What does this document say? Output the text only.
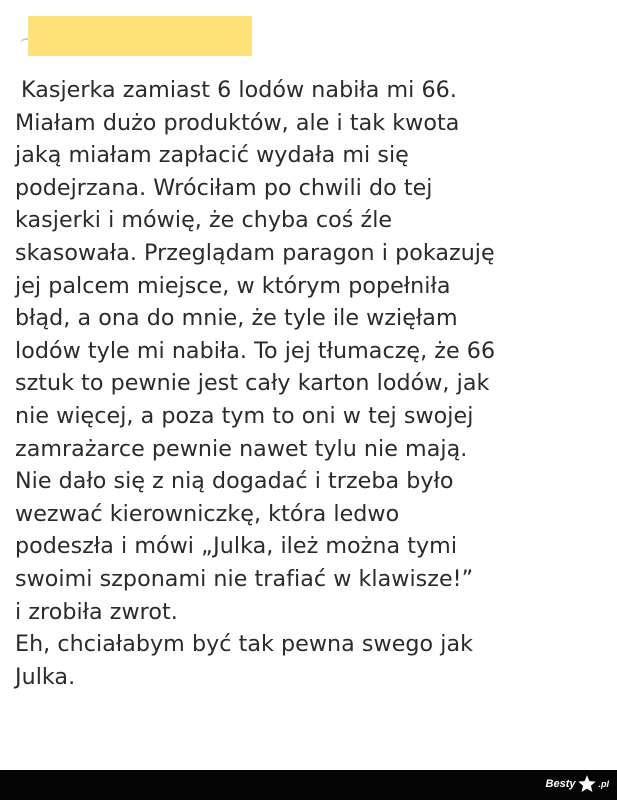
Kasjerka zamiast 6 lodów nabiła mi 66.
Miałam dużo produktów, ale i tak kwota
jaką miałam zapłacić wydała mi się
podejrzana. Wróciłam po chwili do tej
kasjerki i mówię, że chyba coś źle
skasowała. Przeglądam paragon i pokazuję
jej palcem miejsce, w którym popełniła
błąd, a ona do mnie, że tyle ile wzięłam
lodów tyle mi nabiła. To jej tłumaczę, że 66
sztuk to pewnie jest cały karton lodów, jak
nie więcej, a poza tym to oni w tej swojej
zamrażarce pewnie nawet tylu nie mają.
Nie dało się z nią dogadać i trzeba było
wezwać kierowniczkę, która ledwo
podeszła i mówi „Julka, ileż można tymi
swoimi szponami nie trafiać w klawisze!”
i zrobiła zwrot.
Eh, chciałabym być tak pewna swego jak
Julka.
Besty	.pl
